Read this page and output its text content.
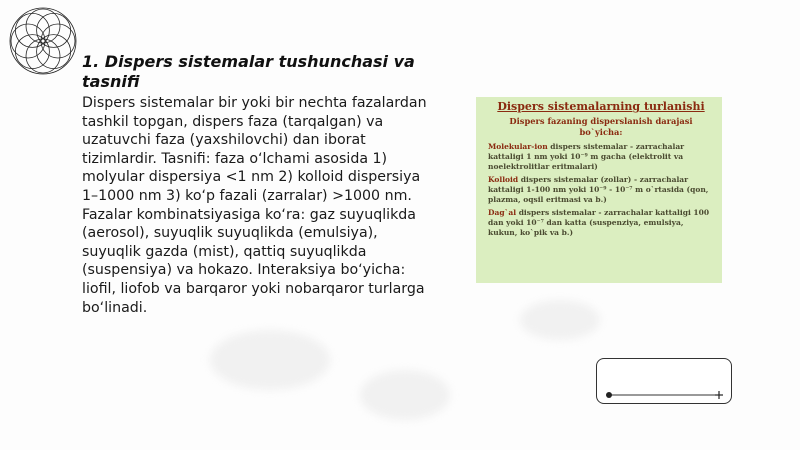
1. Dispers sistemalar tushunchasi va tasnifi

Dispers sistemalar bir yoki bir nechta fazalardan tashkil topgan, dispers faza (tarqalgan) va uzatuvchi faza (yaxshilovchi) dan iborat tizimlardir. Tasnifi: faza o‘lchami asosida 1) molyular dispersiya <1 nm 2) kolloid dispersiya 1–1000 nm 3) ko‘p fazali (zarralar) >1000 nm. Fazalar kombinatsiyasiga ko‘ra: gaz suyuqlikda (aerosol), suyuqlik suyuqlikda (emulsiya), suyuqlik gazda (mist), qattiq suyuqlikda (suspensiya) va hokazo. Interaksiya bo‘yicha: liofil, liofob va barqaror yoki nobarqaror turlarga bo‘linadi.

Dispers sistemalarning turlanishi
Dispers fazaning disperslanish darajasi bo`yicha:
Molekular-ion dispers sistemalar - zarrachalar kattaligi 1 nm yoki 10⁻⁹ m gacha (elektrolit va noelektrolitlar eritmalari)
Kolloid dispers sistemalar (zollar) - zarrachalar kattaligi 1-100 nm yoki 10⁻⁹ - 10⁻⁷ m o`rtasida (qon, plazma, oqsil eritmasi va b.)
Dag`al dispers sistemalar - zarrachalar kattaligi 100 dan yoki 10⁻⁷ dan katta (suspenziya, emulsiya, kukun, ko`pik va b.)
